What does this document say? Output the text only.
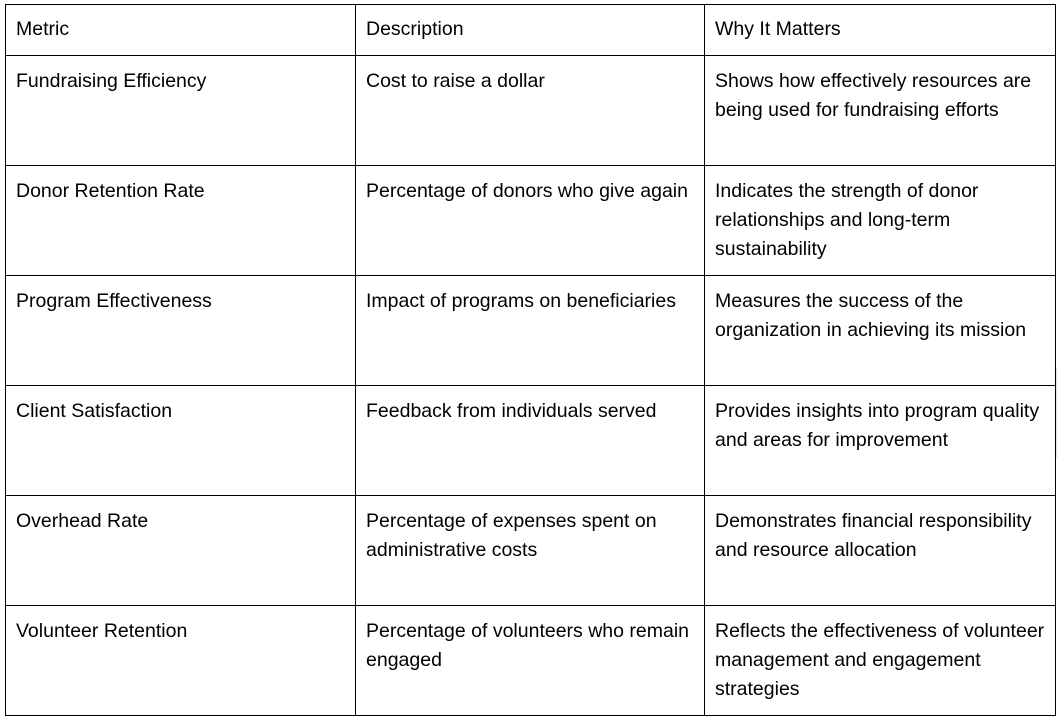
Metric	Description	Why It Matters
Fundraising Efficiency	Cost to raise a dollar	Shows how effectively resources are being used for fundraising efforts
Donor Retention Rate	Percentage of donors who give again	Indicates the strength of donor relationships and long-term sustainability
Program Effectiveness	Impact of programs on beneficiaries	Measures the success of the organization in achieving its mission
Client Satisfaction	Feedback from individuals served	Provides insights into program quality and areas for improvement
Overhead Rate	Percentage of expenses spent on administrative costs	Demonstrates financial responsibility and resource allocation
Volunteer Retention	Percentage of volunteers who remain engaged	Reflects the effectiveness of volunteer management and engagement strategies
